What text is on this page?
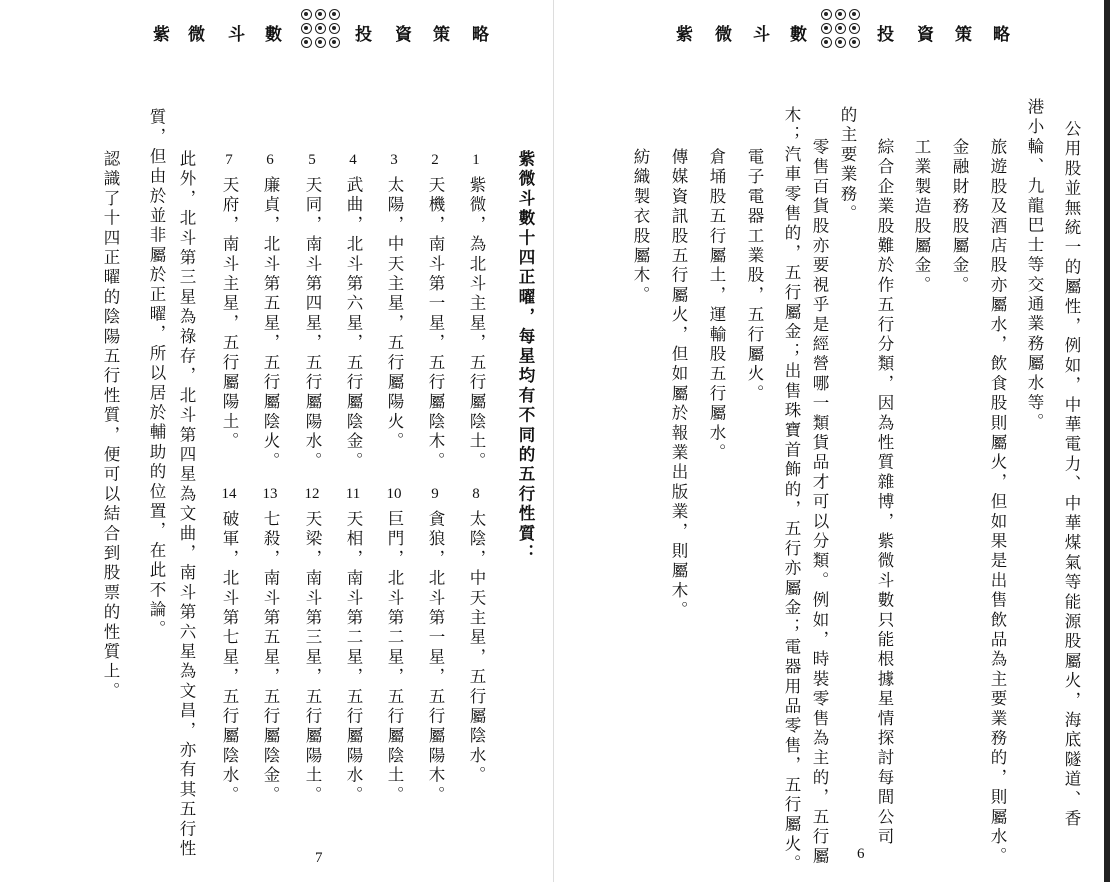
紫 微 斗 數	投 資 策 略	紫 微 斗 數	投 資 策 略
公用股並無統一的屬性，例如，中華電力、中華煤氣等能源股屬火，海底隧道、香
港小輪、九龍巴士等交通業務屬水等。
旅遊股及酒店股亦屬水，飲食股則屬火，但如果是出售飲品為主要業務的，則屬水。
金融財務股屬金。
工業製造股屬金。
綜合企業股難於作五行分類，因為性質雜博，紫微斗數只能根據星情探討每間公司
的主要業務。
零售百貨股亦要視乎是經營哪一類貨品才可以分類。例如，時裝零售為主的，五行屬
木；汽車零售的，五行屬金；出售珠寶首飾的，五行亦屬金；電器用品零售，五行屬火。
電子電器工業股，五行屬火。
倉埇股五行屬土，運輸股五行屬水。
傳媒資訊股五行屬火，但如屬於報業出版業，則屬木。
紡織製衣股屬木。
6
紫微斗數十四正曜，每星均有不同的五行性質：
1
紫微，為北斗主星，五行屬陰土。
2
天機，南斗第一星，五行屬陰木。
3
太陽，中天主星，五行屬陽火。
4
武曲，北斗第六星，五行屬陰金。
5
天同，南斗第四星，五行屬陽水。
6
廉貞，北斗第五星，五行屬陰火。
7
天府，南斗主星，五行屬陽土。
8
太陰，中天主星，五行屬陰水。
9
貪狼，北斗第一星，五行屬陽木。
10
巨門，北斗第二星，五行屬陰土。
11
天相，南斗第二星，五行屬陽水。
12
天梁，南斗第三星，五行屬陽土。
13
七殺，南斗第五星，五行屬陰金。
14
破軍，北斗第七星，五行屬陰水。
此外，北斗第三星為祿存，北斗第四星為文曲，南斗第六星為文昌，亦有其五行性
質，但由於並非屬於正曜，所以居於輔助的位置，在此不論。
認識了十四正曜的陰陽五行性質，便可以結合到股票的性質上。
7
